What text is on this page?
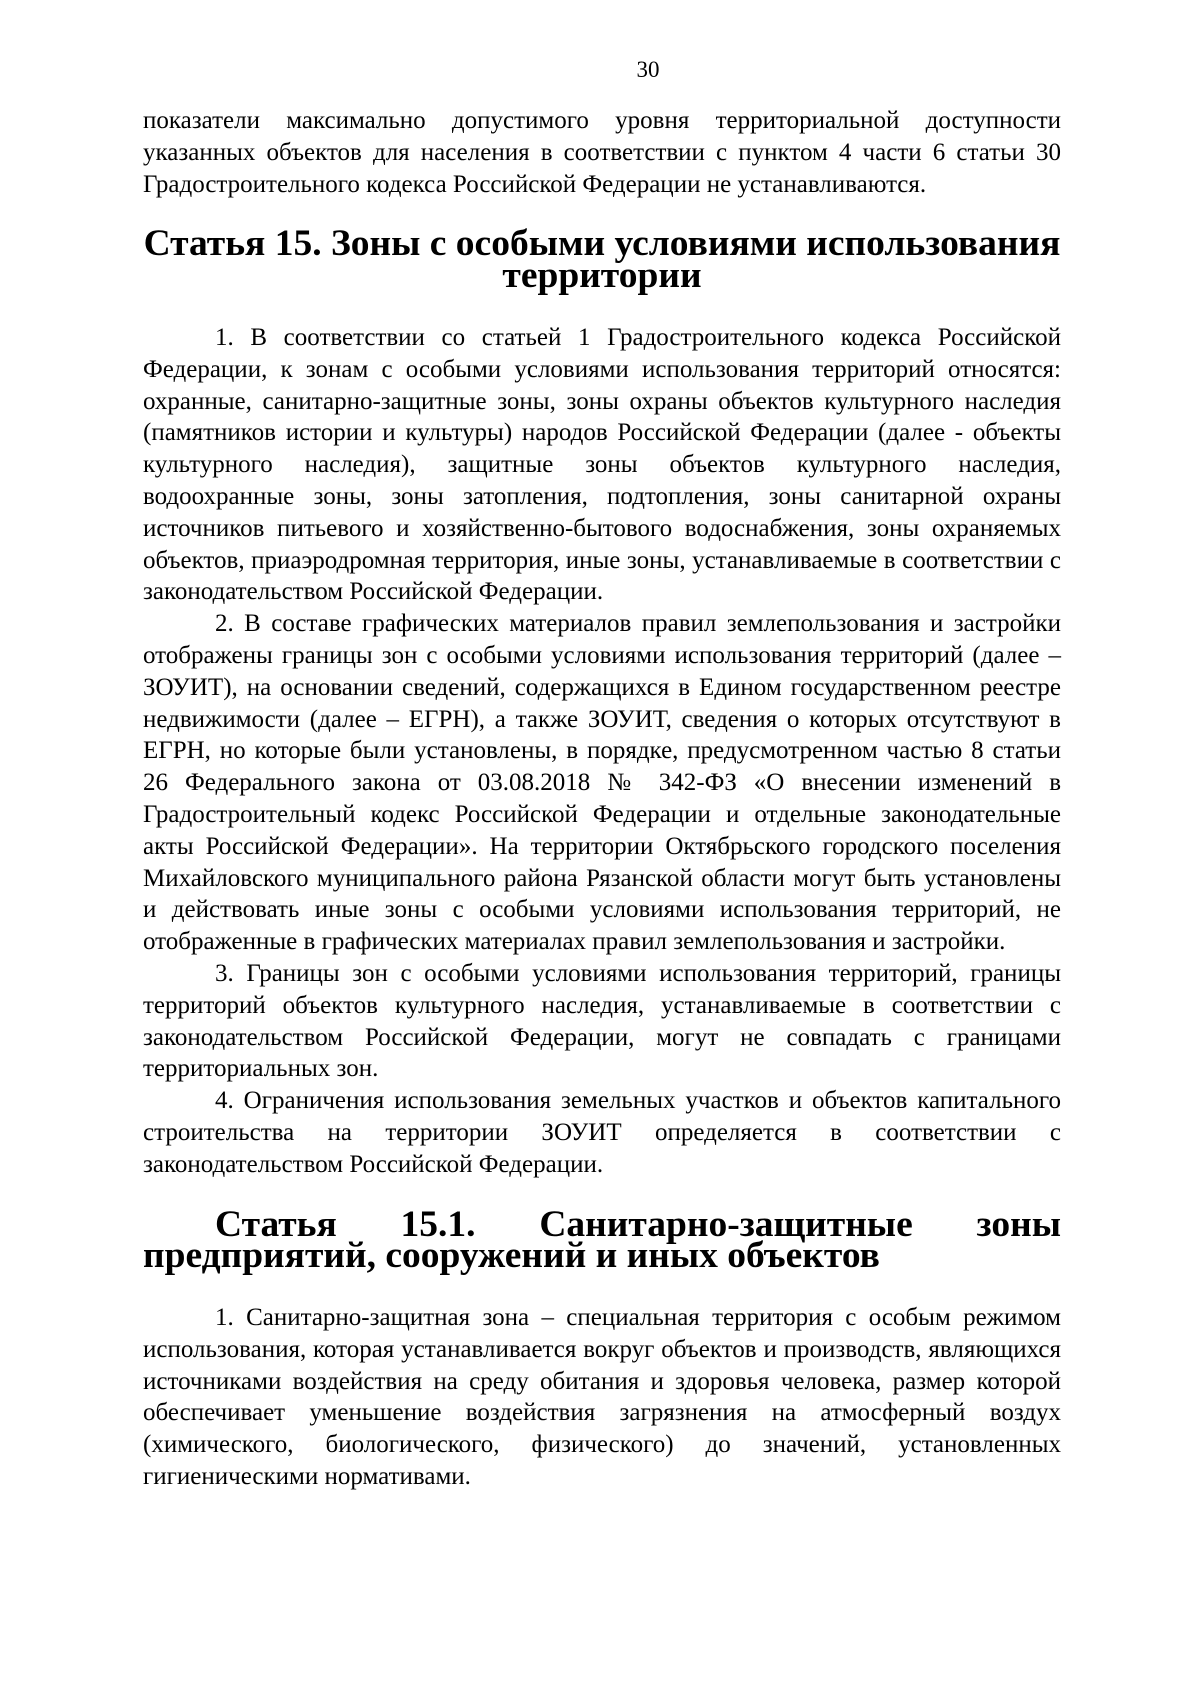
30

показатели максимально допустимого уровня территориальной доступности указанных объектов для населения в соответствии с пунктом 4 части 6 статьи 30 Градостроительного кодекса Российской Федерации не устанавливаются.

Статья 15. Зоны с особыми условиями использования территории

1. В соответствии со статьей 1 Градостроительного кодекса Российской Федерации, к зонам с особыми условиями использования территорий относятся: охранные, санитарно-защитные зоны, зоны охраны объектов культурного наследия (памятников истории и культуры) народов Российской Федерации (далее - объекты культурного наследия), защитные зоны объектов культурного наследия, водоохранные зоны, зоны затопления, подтопления, зоны санитарной охраны источников питьевого и хозяйственно-бытового водоснабжения, зоны охраняемых объектов, приаэродромная территория, иные зоны, устанавливаемые в соответствии с законодательством Российской Федерации.

2. В составе графических материалов правил землепользования и застройки отображены границы зон с особыми условиями использования территорий (далее – ЗОУИТ), на основании сведений, содержащихся в Едином государственном реестре недвижимости (далее – ЕГРН), а также ЗОУИТ, сведения о которых отсутствуют в ЕГРН, но которые были установлены, в порядке, предусмотренном частью 8 статьи 26 Федерального закона от 03.08.2018 № 342-ФЗ «О внесении изменений в Градостроительный кодекс Российской Федерации и отдельные законодательные акты Российской Федерации». На территории Октябрьского городского поселения Михайловского муниципального района Рязанской области могут быть установлены и действовать иные зоны с особыми условиями использования территорий, не отображенные в графических материалах правил землепользования и застройки.

3. Границы зон с особыми условиями использования территорий, границы территорий объектов культурного наследия, устанавливаемые в соответствии с законодательством Российской Федерации, могут не совпадать с границами территориальных зон.

4. Ограничения использования земельных участков и объектов капитального строительства на территории ЗОУИТ определяется в соответствии с законодательством Российской Федерации.

Статья 15.1. Санитарно-защитные зоны предприятий, сооружений и иных объектов

1. Санитарно-защитная зона – специальная территория с особым режимом использования, которая устанавливается вокруг объектов и производств, являющихся источниками воздействия на среду обитания и здоровья человека, размер которой обеспечивает уменьшение воздействия загрязнения на атмосферный воздух (химического, биологического, физического) до значений, установленных гигиеническими нормативами.
